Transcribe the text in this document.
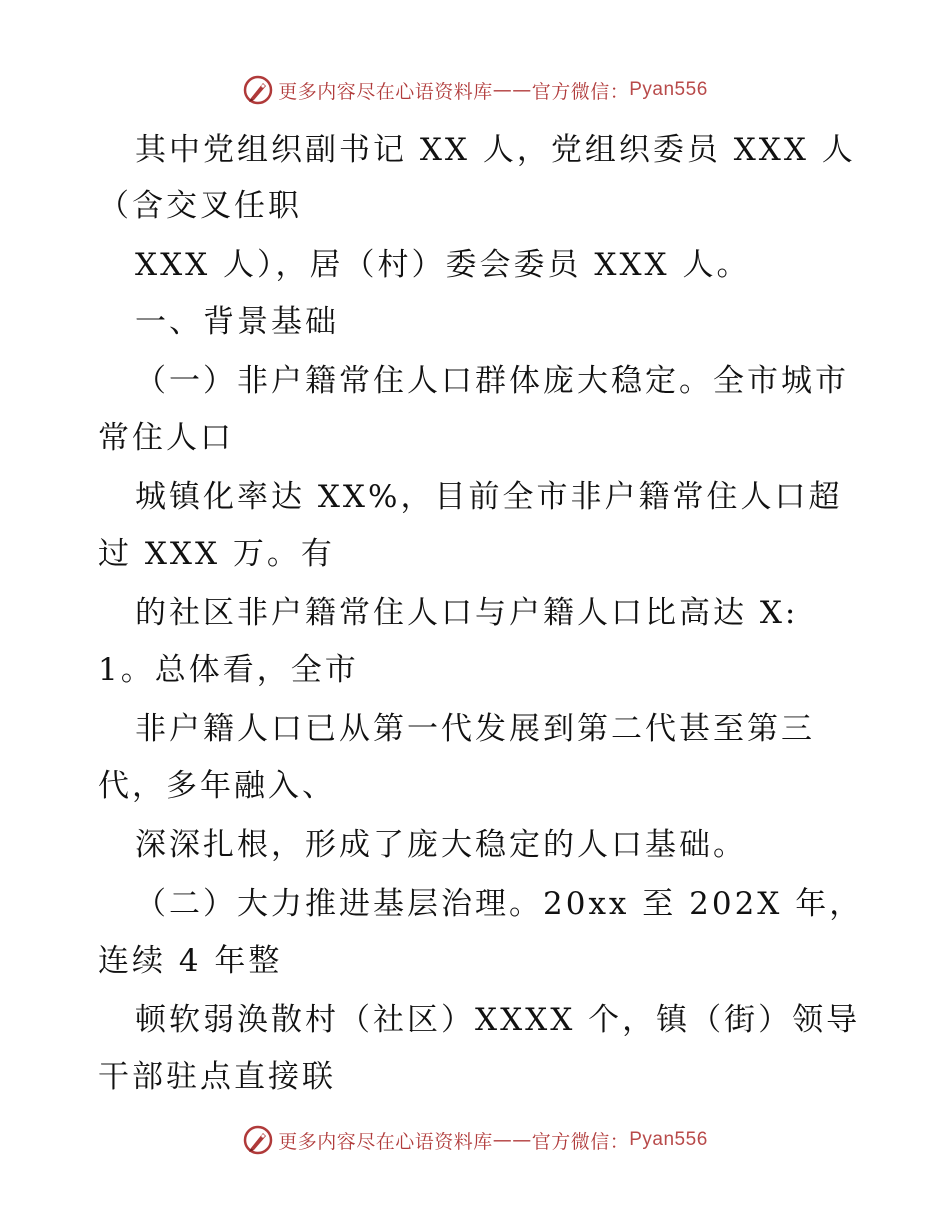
更多内容尽在心语资料库 —— 官方微信： Pyan556
其中党组织副书记 XX 人，党组织委员 XXX 人
（含交叉任职
XXX 人），居（村）委会委员 XXX 人。
一、背景基础
（一）非户籍常住人口群体庞大稳定。全市城市
常住人口
城镇化率达 XX%，目前全市非户籍常住人口超
过 XXX 万。有
的社区非户籍常住人口与户籍人口比高达 X:
1。总体看，全市
非户籍人口已从第一代发展到第二代甚至第三
代，多年融入、
深深扎根，形成了庞大稳定的人口基础。
（二）大力推进基层治理。20xx 至 202X 年，
连续 4 年整
顿软弱涣散村（社区）XXXX 个，镇（街）领导
干部驻点直接联
更多内容尽在心语资料库 —— 官方微信： Pyan556
